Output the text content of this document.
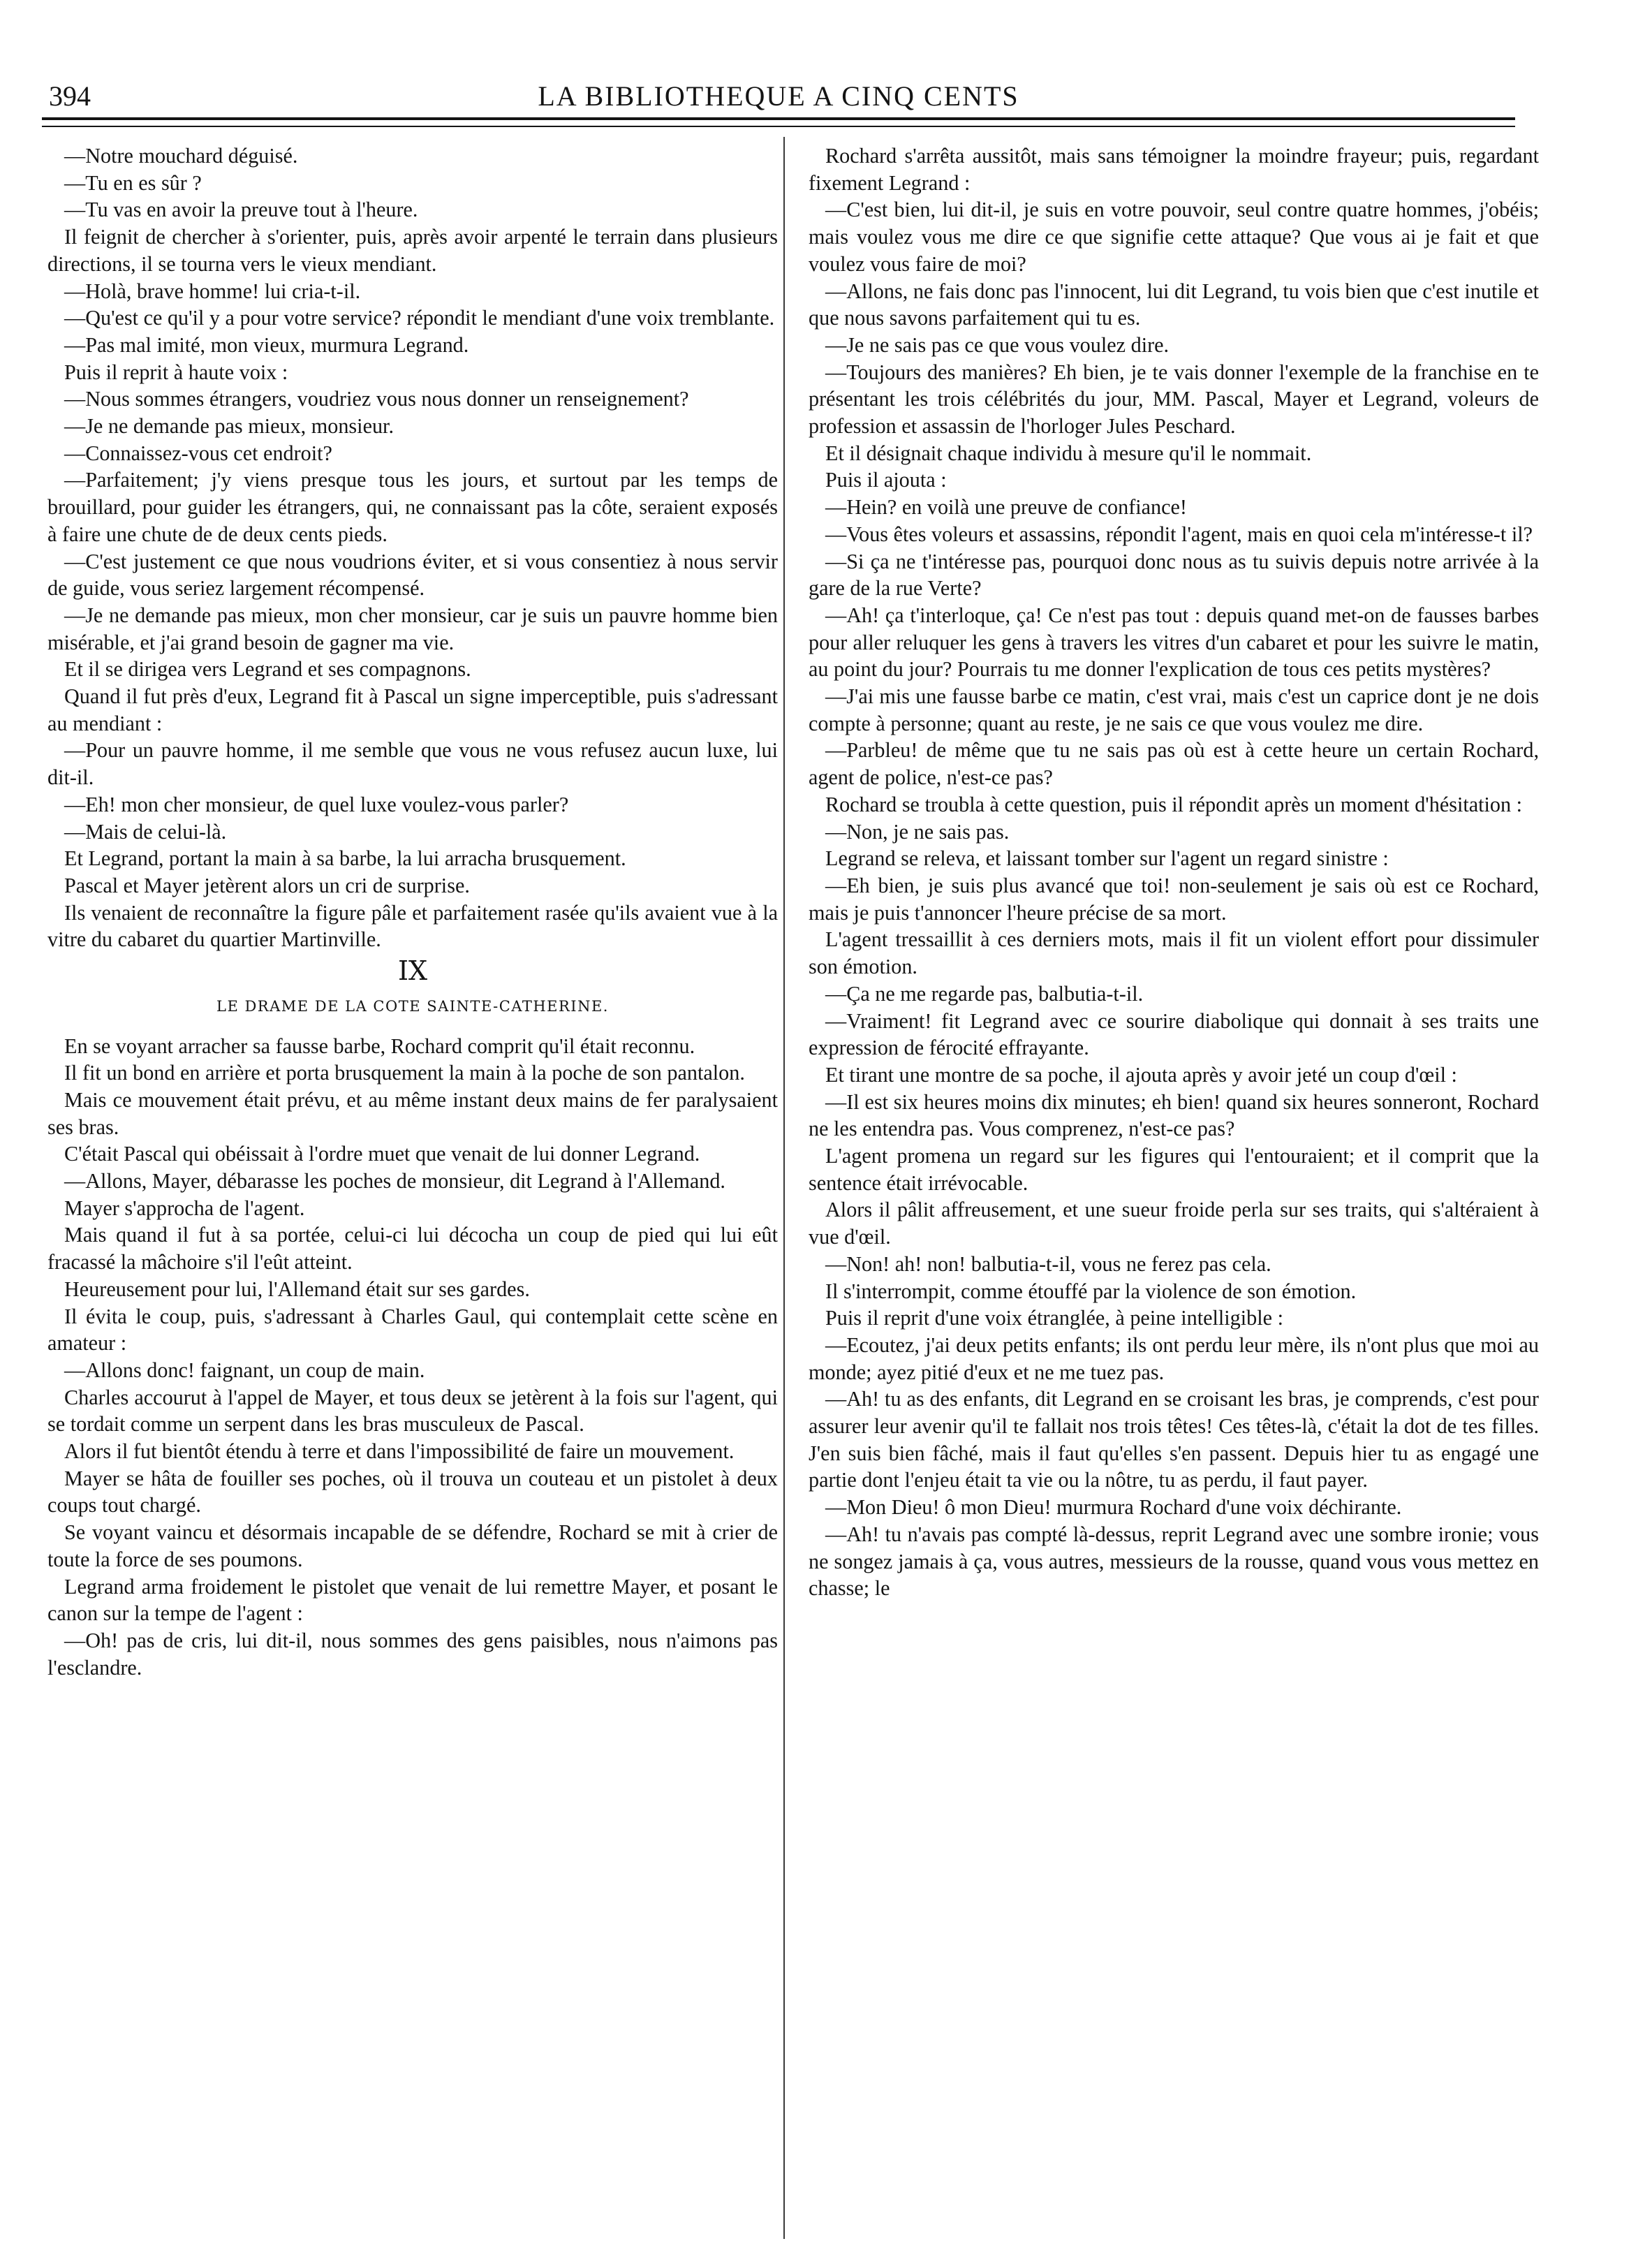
394	LA BIBLIOTHEQUE A CINQ CENTS

—Notre mouchard déguisé.

—Tu en es sûr ?

—Tu vas en avoir la preuve tout à l'heure.

Il feignit de chercher à s'orienter, puis, après avoir arpenté le terrain dans plusieurs directions, il se tourna vers le vieux mendiant.

—Holà, brave homme! lui cria-t-il.

—Qu'est ce qu'il y a pour votre service? répondit le mendiant d'une voix tremblante.

—Pas mal imité, mon vieux, murmura Legrand.

Puis il reprit à haute voix :

—Nous sommes étrangers, voudriez vous nous donner un renseignement?

—Je ne demande pas mieux, monsieur.

—Connaissez-vous cet endroit?

—Parfaitement; j'y viens presque tous les jours, et surtout par les temps de brouillard, pour guider les étrangers, qui, ne connaissant pas la côte, seraient exposés à faire une chute de de deux cents pieds.

—C'est justement ce que nous voudrions éviter, et si vous consentiez à nous servir de guide, vous seriez largement récompensé.

—Je ne demande pas mieux, mon cher monsieur, car je suis un pauvre homme bien misérable, et j'ai grand besoin de gagner ma vie.

Et il se dirigea vers Legrand et ses compagnons.

Quand il fut près d'eux, Legrand fit à Pascal un signe imperceptible, puis s'adressant au mendiant :

—Pour un pauvre homme, il me semble que vous ne vous refusez aucun luxe, lui dit-il.

—Eh! mon cher monsieur, de quel luxe voulez-vous parler?

—Mais de celui-là.

Et Legrand, portant la main à sa barbe, la lui arracha brusquement.

Pascal et Mayer jetèrent alors un cri de surprise.

Ils venaient de reconnaître la figure pâle et parfaitement rasée qu'ils avaient vue à la vitre du cabaret du quartier Martinville.

IX

LE DRAME DE LA COTE SAINTE-CATHERINE.

En se voyant arracher sa fausse barbe, Rochard comprit qu'il était reconnu.

Il fit un bond en arrière et porta brusquement la main à la poche de son pantalon.

Mais ce mouvement était prévu, et au même instant deux mains de fer paralysaient ses bras.

C'était Pascal qui obéissait à l'ordre muet que venait de lui donner Legrand.

—Allons, Mayer, débarasse les poches de monsieur, dit Legrand à l'Allemand.

Mayer s'approcha de l'agent.

Mais quand il fut à sa portée, celui-ci lui décocha un coup de pied qui lui eût fracassé la mâchoire s'il l'eût atteint.

Heureusement pour lui, l'Allemand était sur ses gardes.

Il évita le coup, puis, s'adressant à Charles Gaul, qui contemplait cette scène en amateur :

—Allons donc! faignant, un coup de main.

Charles accourut à l'appel de Mayer, et tous deux se jetèrent à la fois sur l'agent, qui se tordait comme un serpent dans les bras musculeux de Pascal.

Alors il fut bientôt étendu à terre et dans l'impossibilité de faire un mouvement.

Mayer se hâta de fouiller ses poches, où il trouva un couteau et un pistolet à deux coups tout chargé.

Se voyant vaincu et désormais incapable de se défendre, Rochard se mit à crier de toute la force de ses poumons.

Legrand arma froidement le pistolet que venait de lui remettre Mayer, et posant le canon sur la tempe de l'agent :

—Oh! pas de cris, lui dit-il, nous sommes des gens paisibles, nous n'aimons pas l'esclandre.

Rochard s'arrêta aussitôt, mais sans témoigner la moindre frayeur; puis, regardant fixement Legrand :

—C'est bien, lui dit-il, je suis en votre pouvoir, seul contre quatre hommes, j'obéis; mais voulez vous me dire ce que signifie cette attaque? Que vous ai je fait et que voulez vous faire de moi?

—Allons, ne fais donc pas l'innocent, lui dit Legrand, tu vois bien que c'est inutile et que nous savons parfaitement qui tu es.

—Je ne sais pas ce que vous voulez dire.

—Toujours des manières? Eh bien, je te vais donner l'exemple de la franchise en te présentant les trois célébrités du jour, MM. Pascal, Mayer et Legrand, voleurs de profession et assassin de l'horloger Jules Peschard.

Et il désignait chaque individu à mesure qu'il le nommait.

Puis il ajouta :

—Hein? en voilà une preuve de confiance!

—Vous êtes voleurs et assassins, répondit l'agent, mais en quoi cela m'intéresse-t il?

—Si ça ne t'intéresse pas, pourquoi donc nous as tu suivis depuis notre arrivée à la gare de la rue Verte?

—Ah! ça t'interloque, ça! Ce n'est pas tout : depuis quand met-on de fausses barbes pour aller reluquer les gens à travers les vitres d'un cabaret et pour les suivre le matin, au point du jour? Pourrais tu me donner l'explication de tous ces petits mystères?

—J'ai mis une fausse barbe ce matin, c'est vrai, mais c'est un caprice dont je ne dois compte à personne; quant au reste, je ne sais ce que vous voulez me dire.

—Parbleu! de même que tu ne sais pas où est à cette heure un certain Rochard, agent de police, n'est-ce pas?

Rochard se troubla à cette question, puis il répondit après un moment d'hésitation :

—Non, je ne sais pas.

Legrand se releva, et laissant tomber sur l'agent un regard sinistre :

—Eh bien, je suis plus avancé que toi! non-seulement je sais où est ce Rochard, mais je puis t'annoncer l'heure précise de sa mort.

L'agent tressaillit à ces derniers mots, mais il fit un violent effort pour dissimuler son émotion.

—Ça ne me regarde pas, balbutia-t-il.

—Vraiment! fit Legrand avec ce sourire diabolique qui donnait à ses traits une expression de férocité effrayante.

Et tirant une montre de sa poche, il ajouta après y avoir jeté un coup d'œil :

—Il est six heures moins dix minutes; eh bien! quand six heures sonneront, Rochard ne les entendra pas. Vous comprenez, n'est-ce pas?

L'agent promena un regard sur les figures qui l'entouraient; et il comprit que la sentence était irrévocable.

Alors il pâlit affreusement, et une sueur froide perla sur ses traits, qui s'altéraient à vue d'œil.

—Non! ah! non! balbutia-t-il, vous ne ferez pas cela.

Il s'interrompit, comme étouffé par la violence de son émotion.

Puis il reprit d'une voix étranglée, à peine intelligible :

—Ecoutez, j'ai deux petits enfants; ils ont perdu leur mère, ils n'ont plus que moi au monde; ayez pitié d'eux et ne me tuez pas.

—Ah! tu as des enfants, dit Legrand en se croisant les bras, je comprends, c'est pour assurer leur avenir qu'il te fallait nos trois têtes! Ces têtes-là, c'était la dot de tes filles. J'en suis bien fâché, mais il faut qu'elles s'en passent. Depuis hier tu as engagé une partie dont l'enjeu était ta vie ou la nôtre, tu as perdu, il faut payer.

—Mon Dieu! ô mon Dieu! murmura Rochard d'une voix déchirante.

—Ah! tu n'avais pas compté là-dessus, reprit Legrand avec une sombre ironie; vous ne songez jamais à ça, vous autres, messieurs de la rousse, quand vous vous mettez en chasse; le
